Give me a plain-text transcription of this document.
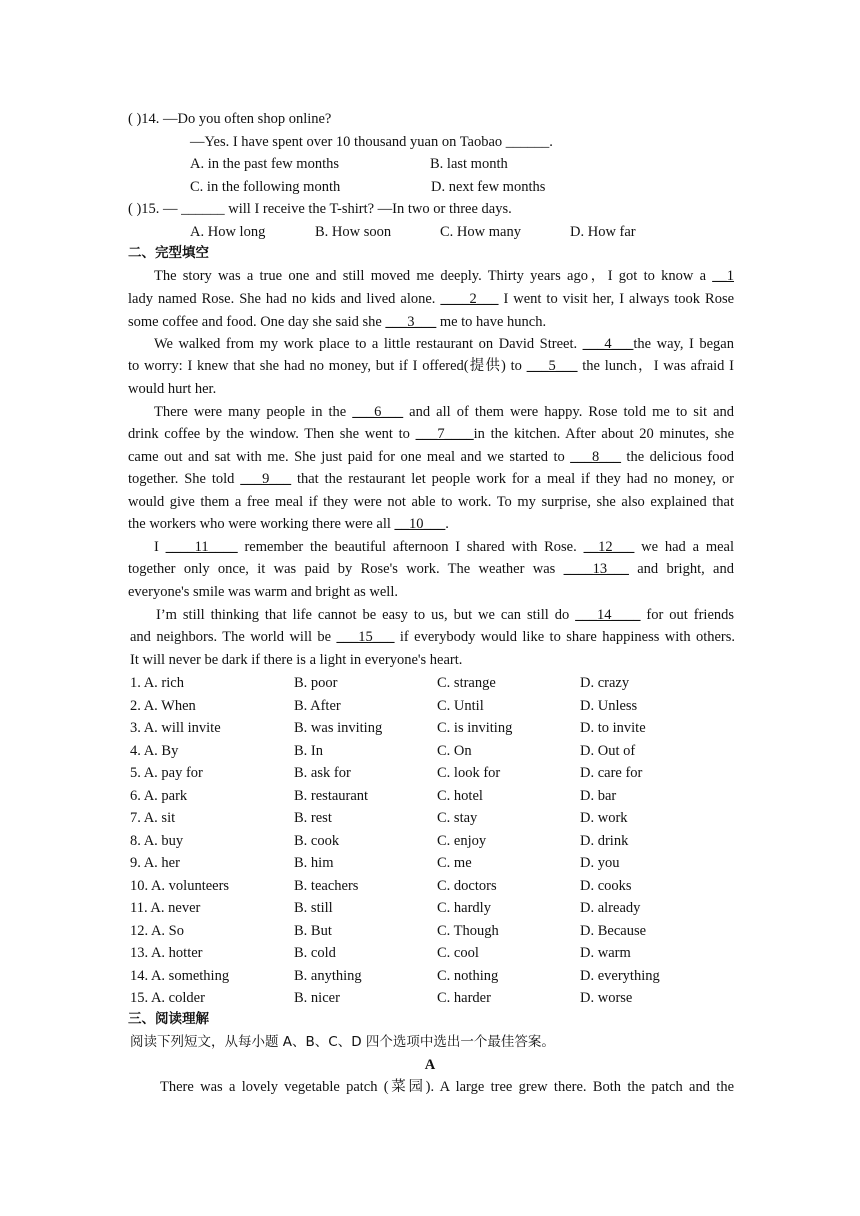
( )14. —Do you often shop online?
—Yes. I have spent over 10 thousand yuan on Taobao ______.
A. in the past few months	B. last month
C. in the following month	D. next few months
( )15. — ______ will I receive the T-shirt? —In two or three days.
A. How long	B. How soon	C. How many	D. How far
二、完型填空
The story was a true one and still moved me deeply. Thirty years ago，I got to know a __1
lady named Rose. She had no kids and lived alone. ____2___ I went to visit her, I always took Rose
some coffee and food. One day she said she ___3___ me to have hunch.
We walked from my work place to a little restaurant on David Street. ___4___the way, I began
to worry: I knew that she had no money, but if I offered(提供) to ___5___ the lunch，I was afraid I
would hurt her.
There were many people in the ___6___ and all of them were happy. Rose told me to sit and
drink coffee by the window. Then she went to ___7____in the kitchen. After about 20 minutes, she
came out and sat with me. She just paid for one meal and we started to ___8___ the delicious food
together. She told ___9___ that the restaurant let people work for a meal if they had no money, or
would give them a free meal if they were not able to work. To my surprise, she also explained that
the workers who were working there were all __10___.
I ____11____ remember the beautiful afternoon I shared with Rose. __12___ we had a meal
together only once, it was paid by Rose's work. The weather was ____13___ and bright, and
everyone's smile was warm and bright as well.
I’m still thinking that life cannot be easy to us, but we can still do ___14____ for out friends
and neighbors. The world will be ___15___ if everybody would like to share happiness with others.
It will never be dark if there is a light in everyone's heart.
1. A. rich	B. poor	C. strange	D. crazy
2. A. When	B. After	C. Until	D. Unless
3. A. will invite	B. was inviting	C. is inviting	D. to invite
4. A. By	B. In	C. On	D. Out of
5. A. pay for	B. ask for	C. look for	D. care for
6. A. park	B. restaurant	C. hotel	D. bar
7. A. sit	B. rest	C. stay	D. work
8. A. buy	B. cook	C. enjoy	D. drink
9. A. her	B. him	C. me	D. you
10. A. volunteers	B. teachers	C. doctors	D. cooks
11. A. never	B. still	C. hardly	D. already
12. A. So	B. But	C. Though	D. Because
13. A. hotter	B. cold	C. cool	D. warm
14. A. something	B. anything	C. nothing	D. everything
15. A. colder	B. nicer	C. harder	D. worse
三、阅读理解
阅读下列短文，从每小题 A、B、C、D 四个选项中选出一个最佳答案。
A
There was a lovely vegetable patch (菜园). A large tree grew there. Both the patch and the
